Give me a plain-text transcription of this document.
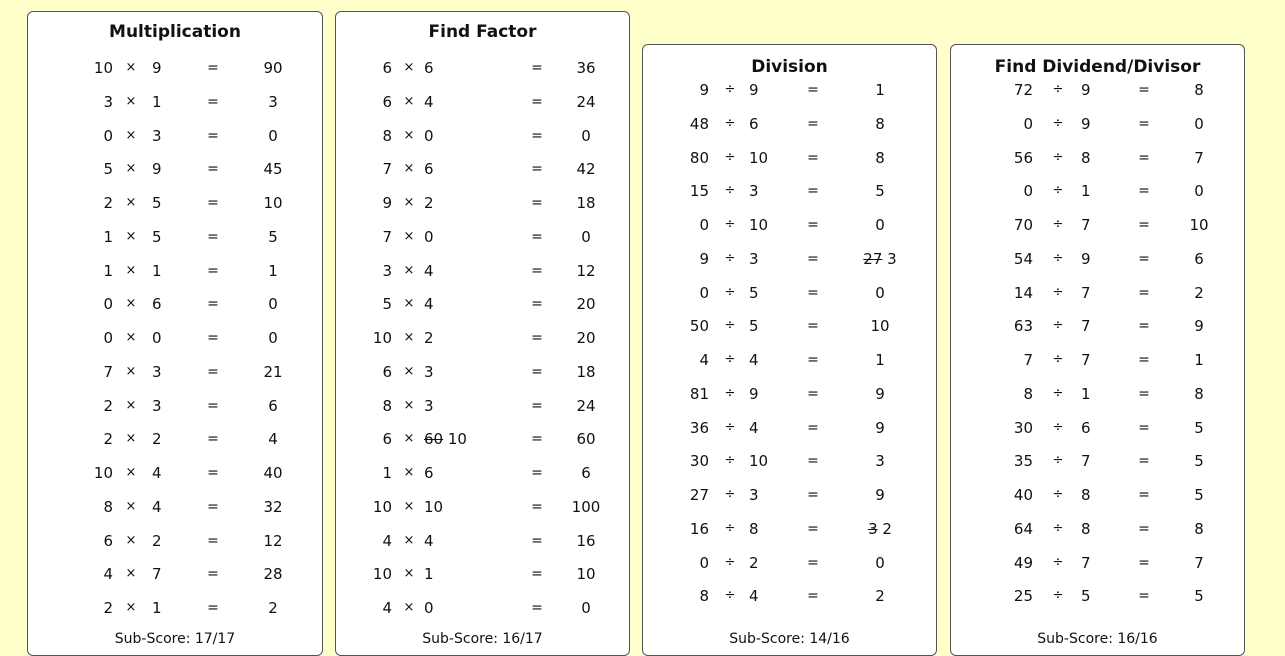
Multiplication
10 × 9	=	90
3 × 1	=	3
0 × 3	=	0
5 × 9	=	45
2 × 5	=	10
1 × 5	=	5
1 × 1	=	1
0 × 6	=	0
0 × 0	=	0
7 × 3	=	21
2 × 3	=	6
2 × 2	=	4
10 × 4	=	40
8 × 4	=	32
6 × 2	=	12
4 × 7	=	28
2 × 1	=	2
Sub-Score: 17/17
Find Factor
6 × 6	=	36
6 × 4	=	24
8 × 0	=	0
7 × 6	=	42
9 × 2	=	18
7 × 0	=	0
3 × 4	=	12
5 × 4	=	20
10 × 2	=	20
6 × 3	=	18
8 × 3	=	24
6 × 60 10	=	60
1 × 6	=	6
10 × 10	=	100
4 × 4	=	16
10 × 1	=	10
4 × 0	=	0
Sub-Score: 16/17
Division
9 ÷ 9	=	1
48 ÷ 6	=	8
80 ÷ 10	=	8
15 ÷ 3	=	5
0 ÷ 10	=	0
9 ÷ 3	=	27 3
0 ÷ 5	=	0
50 ÷ 5	=	10
4 ÷ 4	=	1
81 ÷ 9	=	9
36 ÷ 4	=	9
30 ÷ 10	=	3
27 ÷ 3	=	9
16 ÷ 8	=	3 2
0 ÷ 2	=	0
8 ÷ 4	=	2
Sub-Score: 14/16
Find Dividend/Divisor
72 ÷ 9	=	8
0 ÷ 9	=	0
56 ÷ 8	=	7
0 ÷ 1	=	0
70 ÷ 7	=	10
54 ÷ 9	=	6
14 ÷ 7	=	2
63 ÷ 7	=	9
7 ÷ 7	=	1
8 ÷ 1	=	8
30 ÷ 6	=	5
35 ÷ 7	=	5
40 ÷ 8	=	5
64 ÷ 8	=	8
49 ÷ 7	=	7
25 ÷ 5	=	5
Sub-Score: 16/16
